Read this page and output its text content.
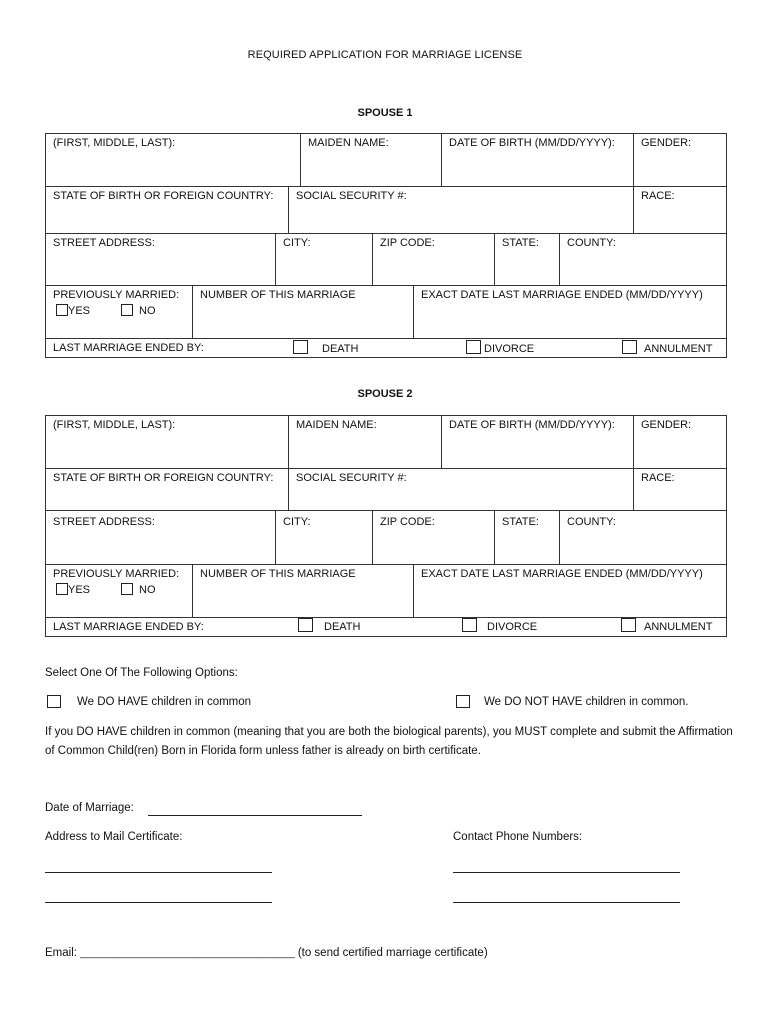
REQUIRED APPLICATION FOR MARRIAGE LICENSE
SPOUSE 1
(FIRST, MIDDLE, LAST):	MAIDEN NAME:	DATE OF BIRTH (MM/DD/YYYY):	GENDER:
STATE OF BIRTH OR FOREIGN COUNTRY:	SOCIAL SECURITY #:	RACE:
STREET ADDRESS:	CITY:	ZIP CODE:	STATE:	COUNTY:
PREVIOUSLY MARRIED:
YES	NO
NUMBER OF THIS MARRIAGE	EXACT DATE LAST MARRIAGE ENDED (MM/DD/YYYY)
LAST MARRIAGE ENDED BY:	DEATH	DIVORCE	ANNULMENT
SPOUSE 2
(FIRST, MIDDLE, LAST):	MAIDEN NAME:	DATE OF BIRTH (MM/DD/YYYY):	GENDER:
STATE OF BIRTH OR FOREIGN COUNTRY:	SOCIAL SECURITY #:	RACE:
STREET ADDRESS:	CITY:	ZIP CODE:	STATE:	COUNTY:
PREVIOUSLY MARRIED:
YES	NO
NUMBER OF THIS MARRIAGE	EXACT DATE LAST MARRIAGE ENDED (MM/DD/YYYY)
LAST MARRIAGE ENDED BY:	DEATH	DIVORCE	ANNULMENT
Select One Of The Following Options:
We DO HAVE children in common	We DO NOT HAVE children in common.
If you DO HAVE children in common (meaning that you are both the biological parents), you MUST complete and submit the Affirmation of Common Child(ren) Born in Florida form unless father is already on birth certificate.
Date of Marriage:
Address to Mail Certificate:	Contact Phone Numbers:
Email: ________________________________________ (to send certified marriage certificate)
